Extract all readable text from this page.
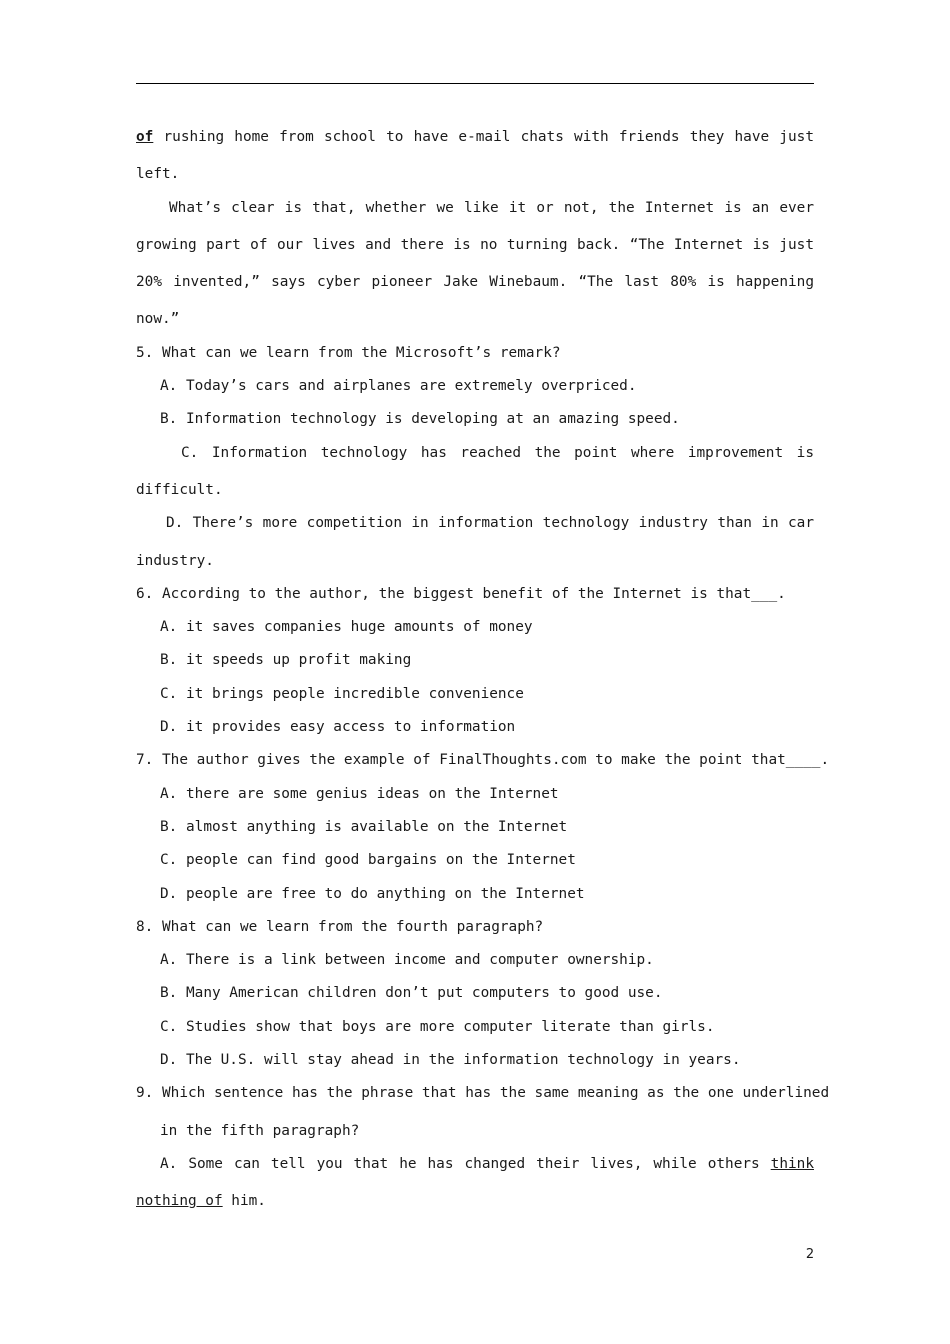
of rushing home from school to have e-mail chats with friends they have just
left.
What’s clear is that, whether we like it or not, the Internet is an ever
growing part of our lives and there is no turning back. “The Internet is just
20% invented,” says cyber pioneer Jake Winebaum. “The last 80% is happening
now.”
5. What can we learn from the Microsoft’s remark?
A. Today’s cars and airplanes are extremely overpriced.
B. Information technology is developing at an amazing speed.
C. Information technology has reached the point where improvement is
difficult.
D. There’s more competition in information technology industry than in car
industry.
6. According to the author, the biggest benefit of the Internet is that___.
A. it saves companies huge amounts of money
B. it speeds up profit making
C. it brings people incredible convenience
D. it provides easy access to information
7. The author gives the example of FinalThoughts.com to make the point that____.
A. there are some genius ideas on the Internet
B. almost anything is available on the Internet
C. people can find good bargains on the Internet
D. people are free to do anything on the Internet
8. What can we learn from the fourth paragraph?
A. There is a link between income and computer ownership.
B. Many American children don’t put computers to good use.
C. Studies show that boys are more computer literate than girls.
D. The U.S. will stay ahead in the information technology in years.
9. Which sentence has the phrase that has the same meaning as the one underlined
in the fifth paragraph?
A. Some can tell you that he has changed their lives, while others think
nothing of him.
2
